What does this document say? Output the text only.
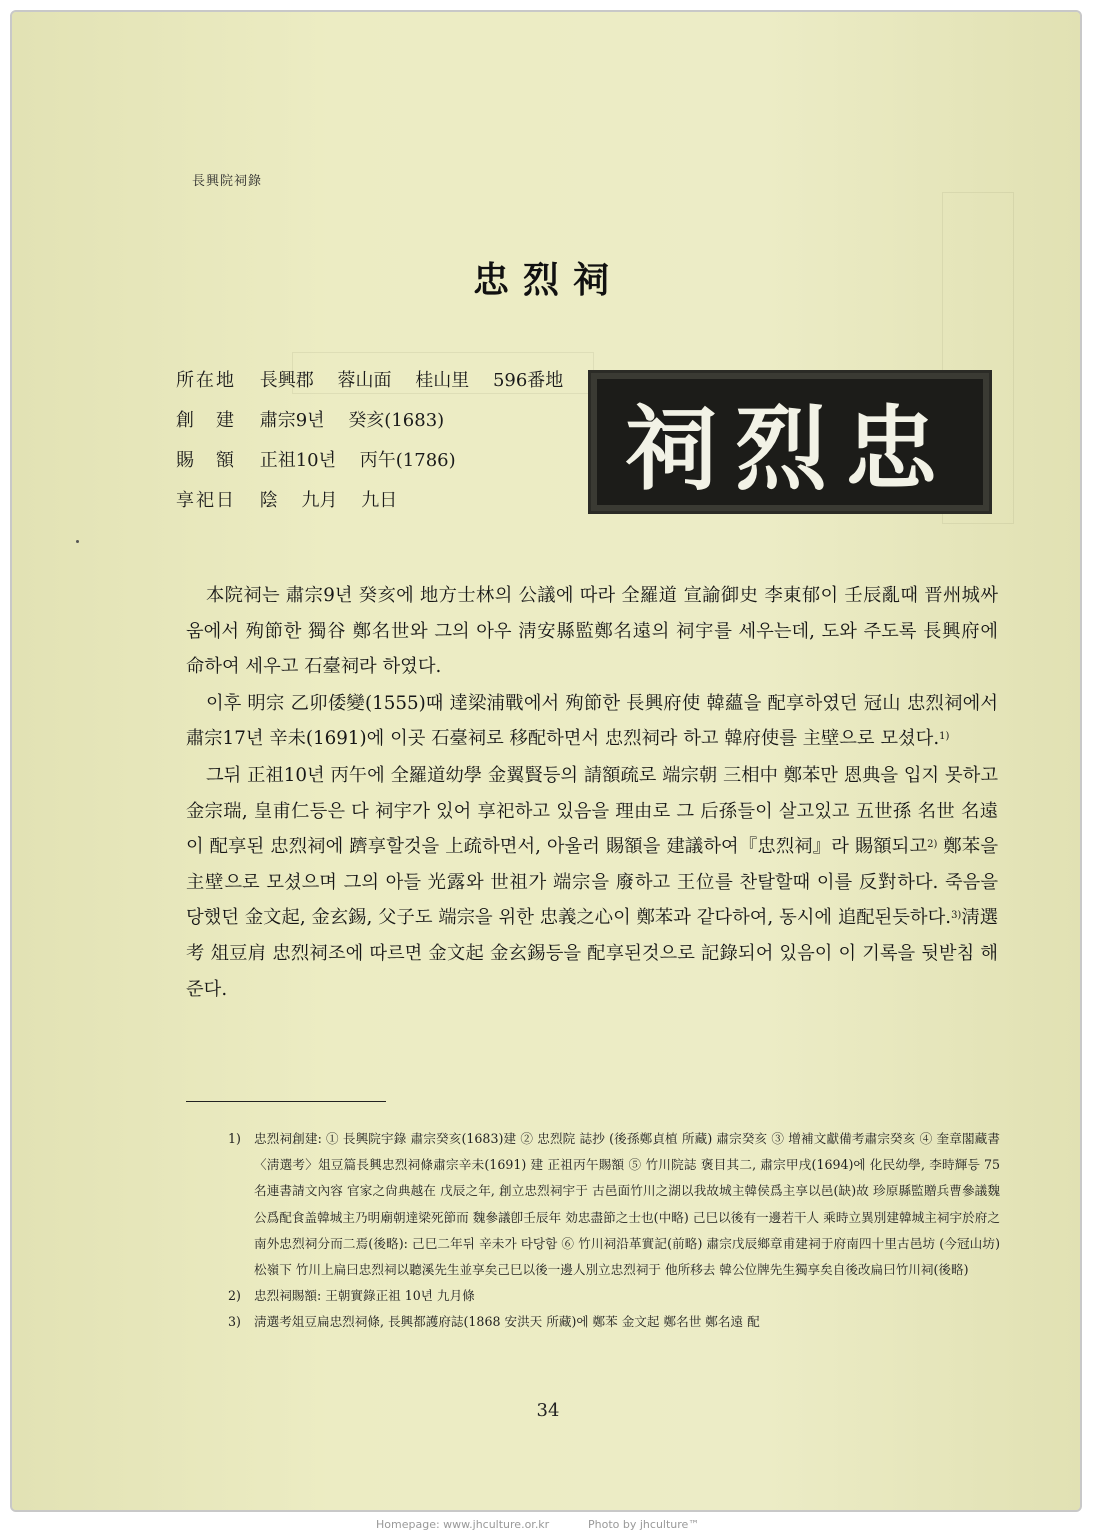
長興院祠錄
忠烈祠
所在地 長興郡 蓉山面 桂山里 596番地
創　建 肅宗9년 癸亥(1683)
賜　額 正祖10년 丙午(1786)
享祀日 陰 九月 九日	祠烈忠

本院祠는 肅宗9년 癸亥에 地方士林의 公議에 따라 全羅道 宣諭御史 李東郁이 壬辰亂때 晋州城싸움에서 殉節한 獨谷 鄭名世와 그의 아우 淸安縣監鄭名遠의 祠宇를 세우는데, 도와 주도록 長興府에 命하여 세우고 石臺祠라 하였다.

이후 明宗 乙卯倭變(1555)때 達梁浦戰에서 殉節한 長興府使 韓蘊을 配享하였던 冠山 忠烈祠에서 肅宗17년 辛未(1691)에 이곳 石臺祠로 移配하면서 忠烈祠라 하고 韓府使를 主壁으로 모셨다.$^{1)}$

그뒤 正祖10년 丙午에 全羅道幼學 金翼賢등의 請額疏로 端宗朝 三相中 鄭苯만 恩典을 입지 못하고 金宗瑞, 皇甫仁등은 다 祠宇가 있어 享祀하고 있음을 理由로 그 后孫들이 살고있고 五世孫 名世 名遠이 配享된 忠烈祠에 躋享할것을 上疏하면서, 아울러 賜額을 建議하여『忠烈祠』라 賜額되고$^{2)}$ 鄭苯을 主壁으로 모셨으며 그의 아들 光露와 世祖가 端宗을 廢하고 王位를 찬탈할때 이를 反對하다. 죽음을 당했던 金文起, 金玄錫, 父子도 端宗을 위한 忠義之心이 鄭苯과 같다하여, 동시에 追配된듯하다.$^{3)}$淸選考 俎豆肩 忠烈祠조에 따르면 金文起 金玄錫등을 配享된것으로 記錄되어 있음이 이 기록을 뒷받침 해 준다.

1)	忠烈祠創建: ① 長興院宇錄 肅宗癸亥(1683)建 ② 忠烈院 誌抄 (後孫鄭貞植 所藏) 肅宗癸亥 ③ 增補文獻備考肅宗癸亥 ④ 奎章閣藏書〈淸選考〉俎豆篇長興忠烈祠條肅宗辛未(1691) 建 正祖丙午賜額 ⑤ 竹川院誌 褒目其二, 肅宗甲戌(1694)에 化民幼學, 李時輝등 75名連書請文內容 官家之尙典越在 戊辰之年, 創立忠烈祠宇于 古邑面竹川之湖以我故城主韓侯爲主享以邑(缺)故 珍原縣監贈兵曹參議魏公爲配食盖韓城主乃明廟朝達梁死節而 魏參議卽壬辰年 効忠盡節之士也(中略) 己巳以後有一邊若干人 乘時立異別建韓城主祠宇於府之南外忠烈祠分而二焉(後略): 己巳二年뒤 辛未가 타당함 ⑥ 竹川祠沿革實記(前略) 肅宗戊辰鄉章甫建祠于府南四十里古邑坊 (今冠山坊) 松嶺下 竹川上扁曰忠烈祠以聽溪先生並享矣己巳以後一邊人別立忠烈祠于 他所移去 韓公位牌先生獨享矣自後改扁曰竹川祠(後略)
2)	忠烈祠賜額: 王朝實錄正祖 10년 九月條
3)	淸選考俎豆扁忠烈祠條, 長興都護府誌(1868 安洪天 所藏)에 鄭苯 金文起 鄭名世 鄭名遠 配
34
Homepage: www.jhculture.or.kr	Photo by jhculture™
